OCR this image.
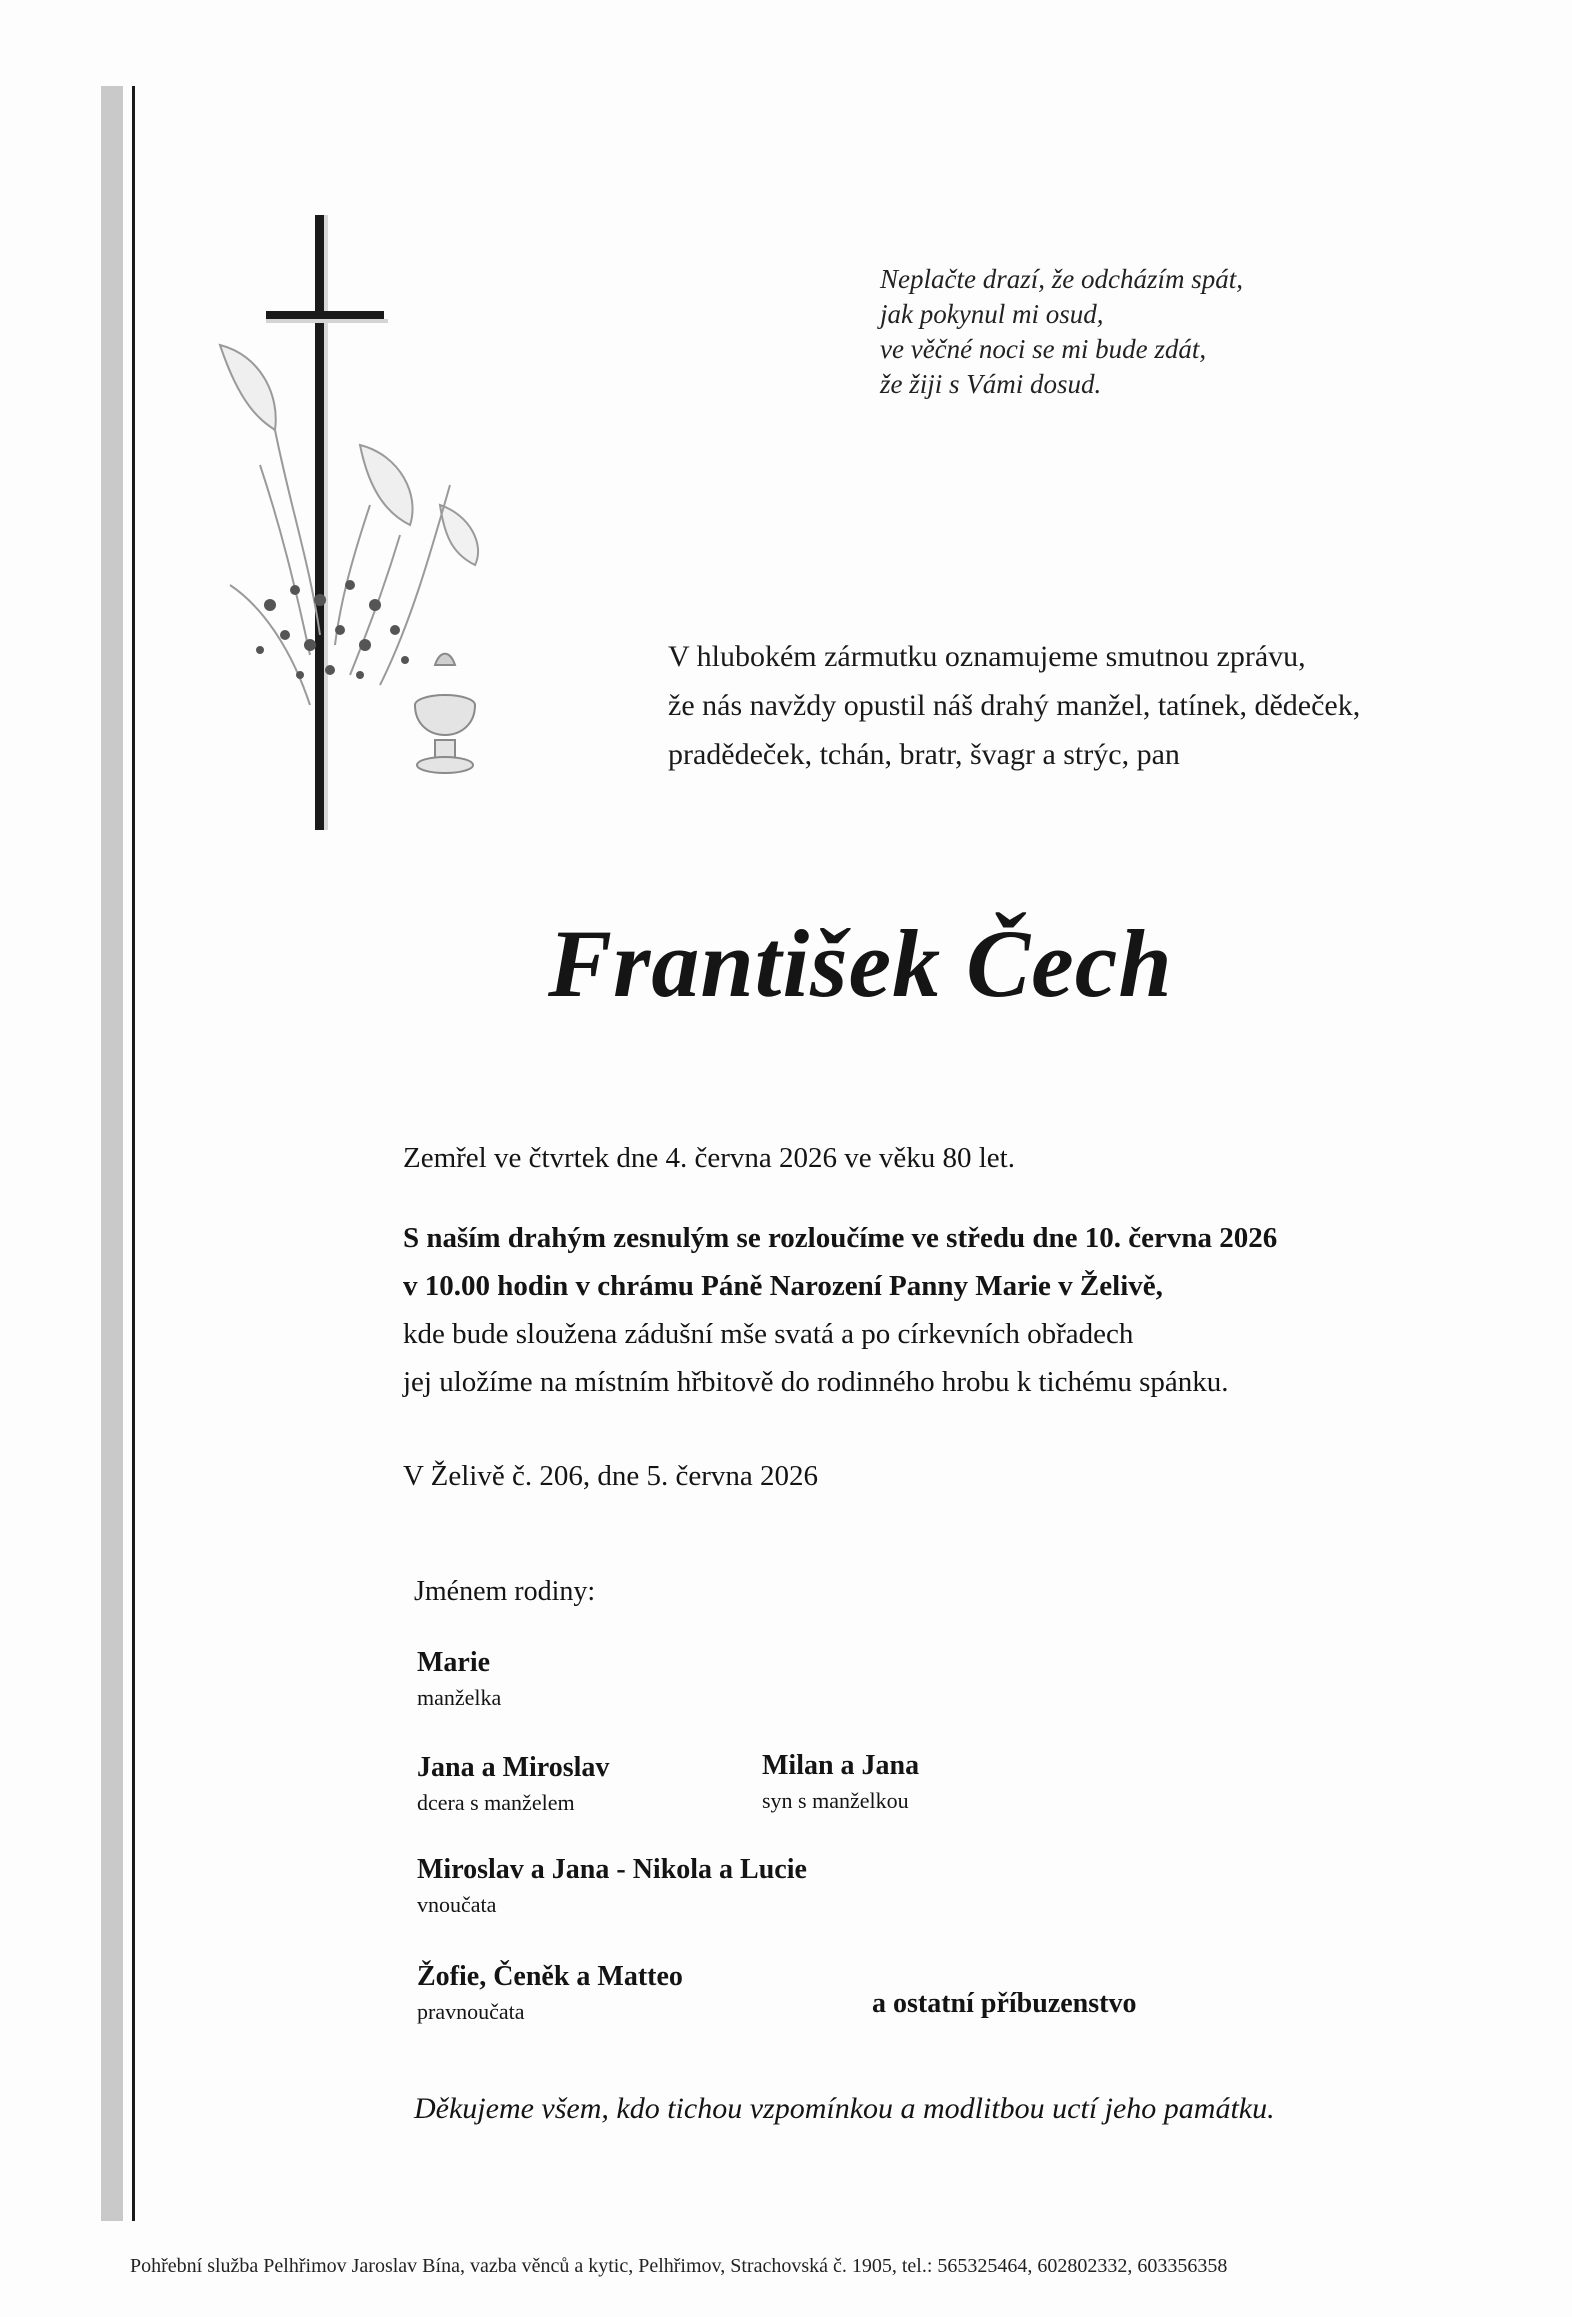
Neplačte drazí, že odcházím spát,
jak pokynul mi osud,
ve věčné noci se mi bude zdát,
že žiji s Vámi dosud.
V hlubokém zármutku oznamujeme smutnou zprávu,
že nás navždy opustil náš drahý manžel, tatínek, dědeček,
pradědeček, tchán, bratr, švagr a strýc, pan
František Čech
Zemřel ve čtvrtek dne 4. června 2026 ve věku 80 let.
S naším drahým zesnulým se rozloučíme ve středu dne 10. června 2026
v 10.00 hodin v chrámu Páně Narození Panny Marie v Želivě,
kde bude sloužena zádušní mše svatá a po církevních obřadech
jej uložíme na místním hřbitově do rodinného hrobu k tichému spánku.
V Želivě č. 206, dne 5. června 2026
Jménem rodiny:
Marie
manželka
Jana a Miroslav
dcera s manželem
Milan a Jana
syn s manželkou
Miroslav a Jana - Nikola a Lucie
vnoučata
Žofie, Čeněk a Matteo
pravnoučata	a ostatní příbuzenstvo
Děkujeme všem, kdo tichou vzpomínkou a modlitbou uctí jeho památku.
Pohřební služba Pelhřimov Jaroslav Bína, vazba věnců a kytic, Pelhřimov, Strachovská č. 1905, tel.: 565325464, 602802332, 603356358
